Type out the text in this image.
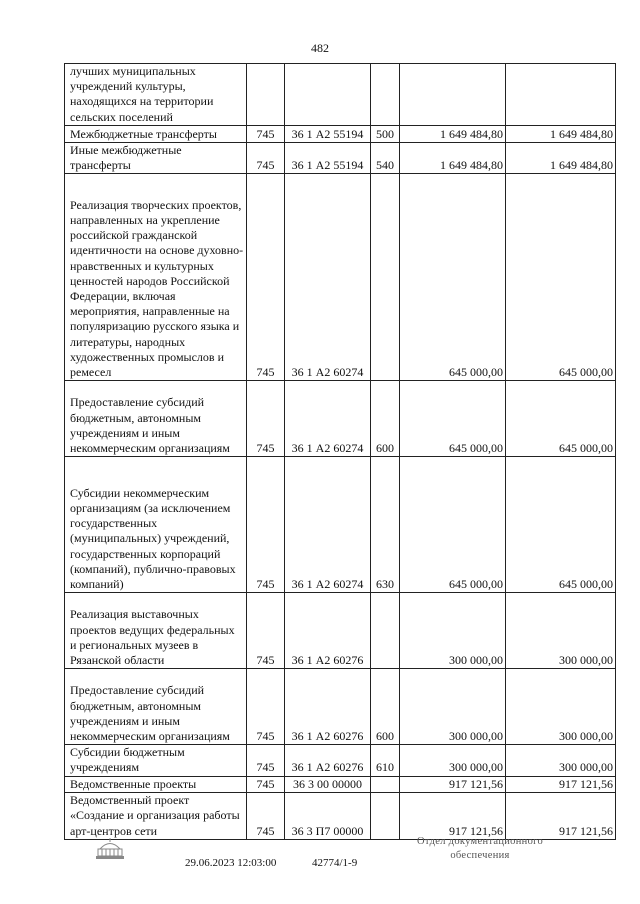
482
лучших муниципальных учреждений культуры, находящихся на территории сельских поселений					
Межбюджетные трансферты	745	36 1 А2 55194	500	1 649 484,80	1 649 484,80
Иные межбюджетные трансферты	745	36 1 А2 55194	540	1 649 484,80	1 649 484,80
Реализация творческих проектов, направленных на укрепление российской гражданской идентичности на основе духовно-нравственных и культурных ценностей народов Российской Федерации, включая мероприятия, направленные на популяризацию русского языка и литературы, народных художественных промыслов и ремесел	745	36 1 А2 60274		645 000,00	645 000,00
Предоставление субсидий бюджетным, автономным учреждениям и иным некоммерческим организациям	745	36 1 А2 60274	600	645 000,00	645 000,00
Субсидии некоммерческим организациям (за исключением государственных (муниципальных) учреждений, государственных корпораций (компаний), публично-правовых компаний)	745	36 1 А2 60274	630	645 000,00	645 000,00
Реализация выставочных проектов ведущих федеральных и региональных музеев в Рязанской области	745	36 1 А2 60276		300 000,00	300 000,00
Предоставление субсидий бюджетным, автономным учреждениям и иным некоммерческим организациям	745	36 1 А2 60276	600	300 000,00	300 000,00
Субсидии бюджетным учреждениям	745	36 1 А2 60276	610	300 000,00	300 000,00
Ведомственные проекты	745	36 3 00 00000		917 121,56	917 121,56
Ведомственный проект «Создание и организация работы арт-центров сети	745	36 3 П7 00000		917 121,56	917 121,56
29.06.2023 12:03:00	42774/1-9
Отдел документационного
обеспечения
